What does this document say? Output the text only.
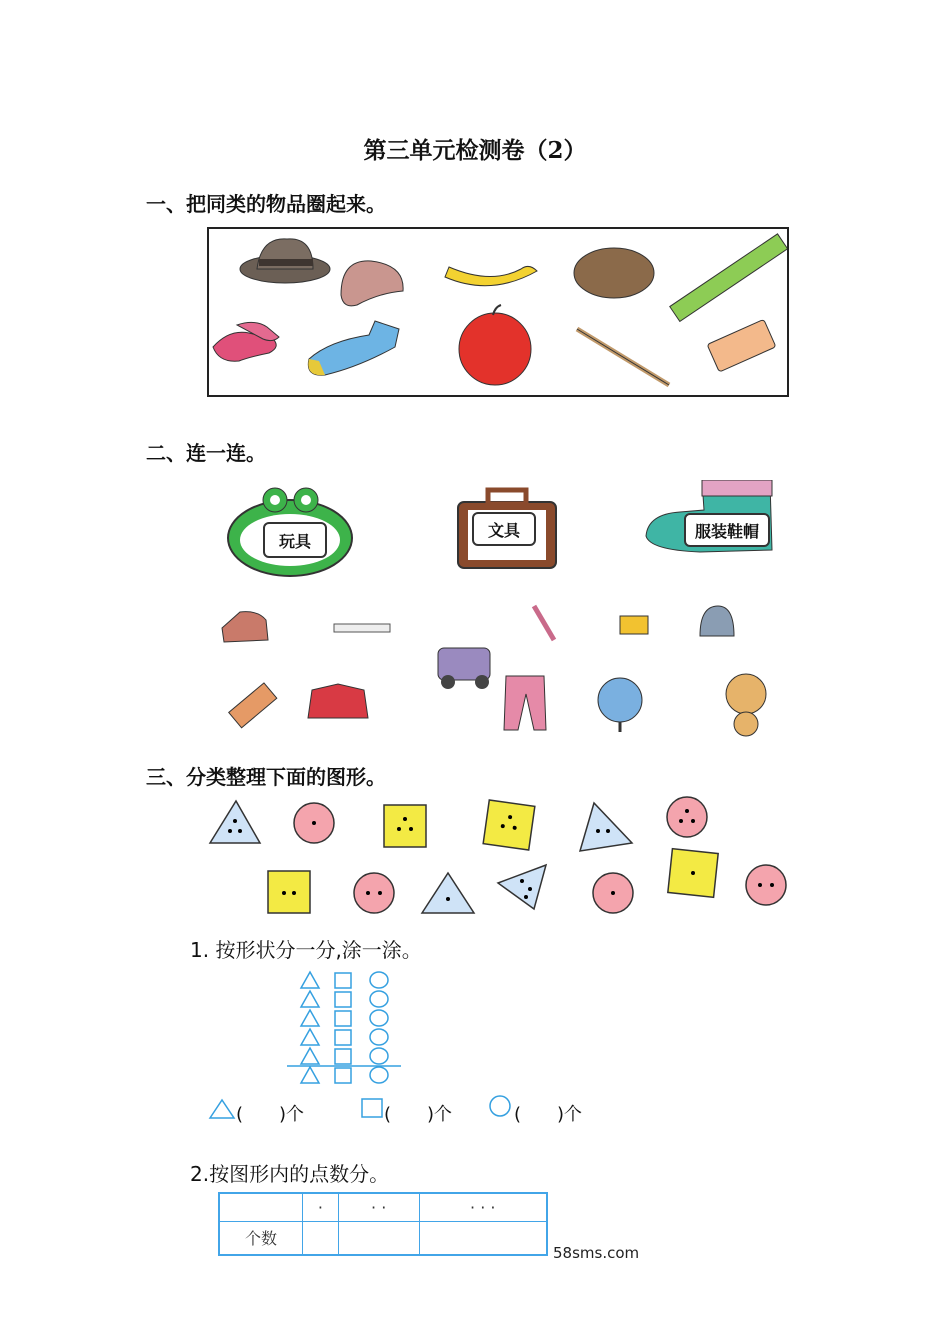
第三单元检测卷（2）
一、把同类的物品圈起来。
二、连一连。
玩具
文具	服装鞋帽
三、分类整理下面的图形。
1. 按形状分一分,涂一涂。
(　　)个	(　　)个	(　　)个
2.按图形内的点数分。
	·	· ·	· · ·
个数			
58sms.com
